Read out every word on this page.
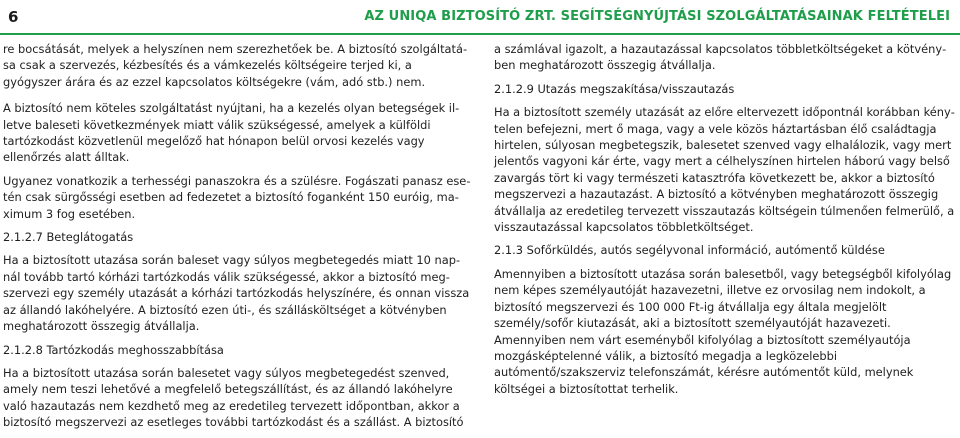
6	AZ UNIQA BIZTOSÍTÓ ZRT. SEGÍTSÉGNYÚJTÁSI SZOLGÁLTATÁSAINAK FELTÉTELEI

re bocsátását, melyek a helyszínen nem szerezhetőek be. A biztosító szolgáltatása csak a szervezés, kézbesítés és a vámkezelés költségeire terjed ki, a gyógyszer árára és az ezzel kapcsolatos költségekre (vám, adó stb.) nem.

A biztosító nem köteles szolgáltatást nyújtani, ha a kezelés olyan betegségek illetve baleseti következmények miatt válik szükségessé, amelyek a külföldi tartózkodást közvetlenül megelőző hat hónapon belül orvosi kezelés vagy ellenőrzés alatt álltak.

Ugyanez vonatkozik a terhességi panaszokra és a szülésre. Fogászati panasz esetén csak sürgősségi esetben ad fedezetet a biztosító foganként 150 euróig, maximum 3 fog esetében.

2.1.2.7 Beteglátogatás

Ha a biztosított utazása során baleset vagy súlyos megbetegedés miatt 10 napnál tovább tartó kórházi tartózkodás válik szükségessé, akkor a biztosító megszervezi egy személy utazását a kórházi tartózkodás helyszínére, és onnan vissza az állandó lakóhelyére. A biztosító ezen úti-, és szállásköltséget a kötvényben meghatározott összegig átvállalja.

2.1.2.8 Tartózkodás meghosszabbítása

Ha a biztosított utazása során balesetet vagy súlyos megbetegedést szenved, amely nem teszi lehetővé a megfelelő betegszállítást, és az állandó lakóhelyre való hazautazás nem kezdhető meg az eredetileg tervezett időpontban, akkor a biztosító megszervezi az esetleges további tartózkodást és a szállást. A biztosító

a számlával igazolt, a hazautazással kapcsolatos többletköltségeket a kötvényben meghatározott összegig átvállalja.

2.1.2.9 Utazás megszakítása/visszautazás

Ha a biztosított személy utazását az előre eltervezett időpontnál korábban kénytelen befejezni, mert ő maga, vagy a vele közös háztartásban élő családtagja hirtelen, súlyosan megbetegszik, balesetet szenved vagy elhalálozik, vagy mert jelentős vagyoni kár érte, vagy mert a célhelyszínen hirtelen háború vagy belső zavargás tört ki vagy természeti katasztrófa következett be, akkor a biztosító megszervezi a hazautazást. A biztosító a kötvényben meghatározott összegig átvállalja az eredetileg tervezett visszautazás költségein túlmenően felmerülő, a visszautazással kapcsolatos többletköltséget.

2.1.3 Sofőrküldés, autós segélyvonal információ, autómentő küldése

Amennyiben a biztosított utazása során balesetből, vagy betegségből kifolyólag nem képes személyautóját hazavezetni, illetve ez orvosilag nem indokolt, a biztosító megszervezi és 100 000 Ft-ig átvállalja egy általa megjelölt személy/sofőr kiutazását, aki a biztosított személyautóját hazavezeti. Amennyiben nem várt eseményből kifolyólag a biztosított személyautója mozgásképtelenné válik, a biztosító megadja a legközelebbi autómentő/szakszerviz telefonszámát, kérésre autómentőt küld, melynek költségei a biztosítottat terhelik.
